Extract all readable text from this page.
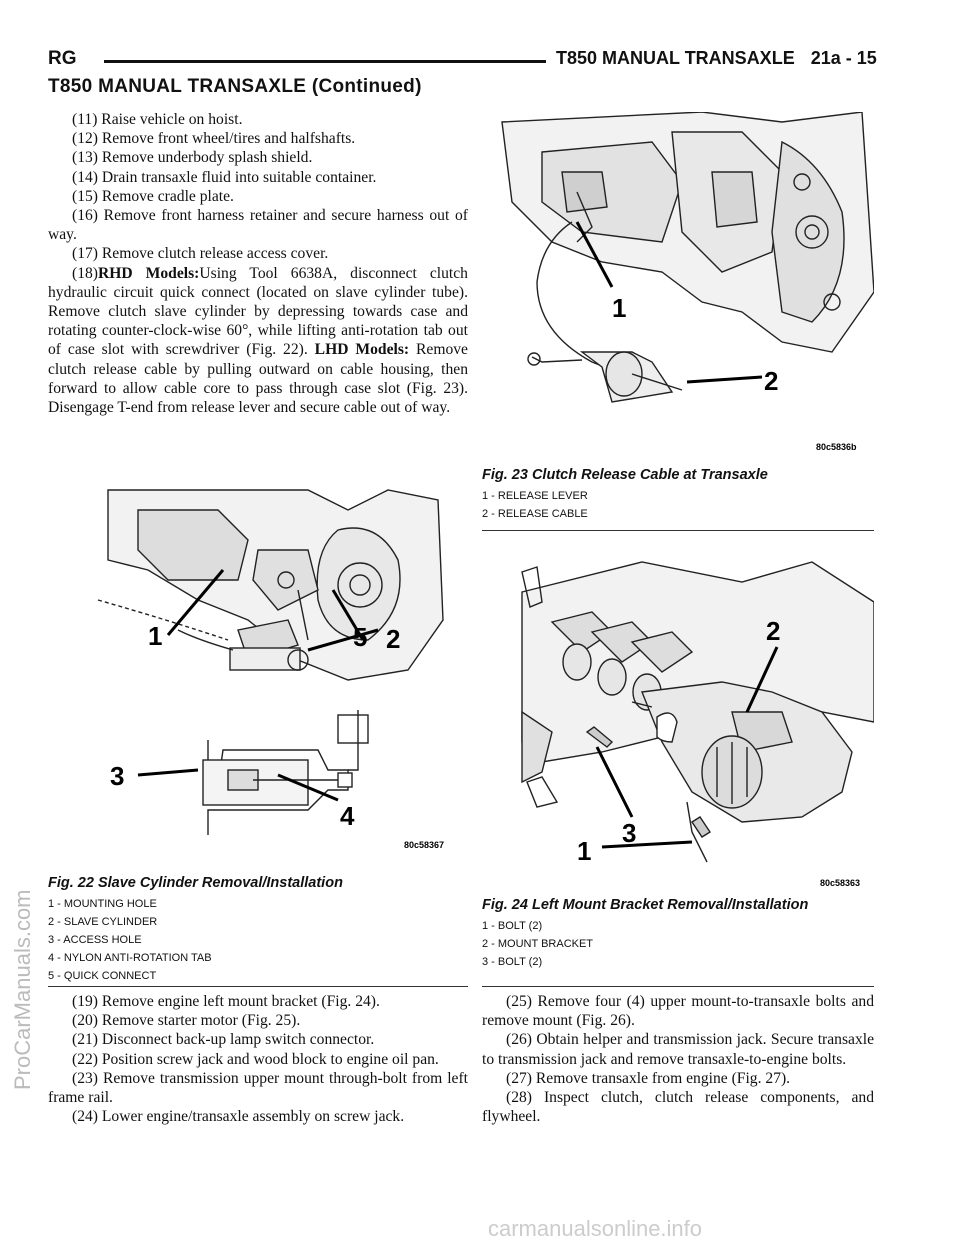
RG	T850 MANUAL TRANSAXLE 21a - 15
T850 MANUAL TRANSAXLE (Continued)

(11) Raise vehicle on hoist.

(12) Remove front wheel/tires and halfshafts.

(13) Remove underbody splash shield.

(14) Drain transaxle fluid into suitable container.

(15) Remove cradle plate.

(16) Remove front harness retainer and secure harness out of way.

(17) Remove clutch release access cover.

(18)RHD Models:Using Tool 6638A, disconnect clutch hydraulic circuit quick connect (located on slave cylinder tube). Remove clutch slave cylinder by depressing towards case and rotating counter-clock-wise 60°, while lifting anti-rotation tab out of case slot with screwdriver (Fig. 22). LHD Models: Remove clutch release cable by pulling outward on cable housing, then forward to allow cable core to pass through case slot (Fig. 23). Disengage T-end from release lever and secure cable out of way.

1	5 2
3
4
80c58367
Fig. 22 Slave Cylinder Removal/Installation
1 - MOUNTING HOLE
2 - SLAVE CYLINDER
3 - ACCESS HOLE
4 - NYLON ANTI-ROTATION TAB
5 - QUICK CONNECT
1
2
80c5836b
Fig. 23 Clutch Release Cable at Transaxle
1 - RELEASE LEVER
2 - RELEASE CABLE
2
3
1
80c58363
Fig. 24 Left Mount Bracket Removal/Installation
1 - BOLT (2)
2 - MOUNT BRACKET
3 - BOLT (2)

(19) Remove engine left mount bracket (Fig. 24).

(20) Remove starter motor (Fig. 25).

(21) Disconnect back-up lamp switch connector.

(22) Position screw jack and wood block to engine oil pan.

(23) Remove transmission upper mount through-bolt from left frame rail.

(24) Lower engine/transaxle assembly on screw jack.

(25) Remove four (4) upper mount-to-transaxle bolts and remove mount (Fig. 26).

(26) Obtain helper and transmission jack. Secure transaxle to transmission jack and remove transaxle-to-engine bolts.

(27) Remove transaxle from engine (Fig. 27).

(28) Inspect clutch, clutch release components, and flywheel.

ProCarManuals.com
carmanualsonline.info
